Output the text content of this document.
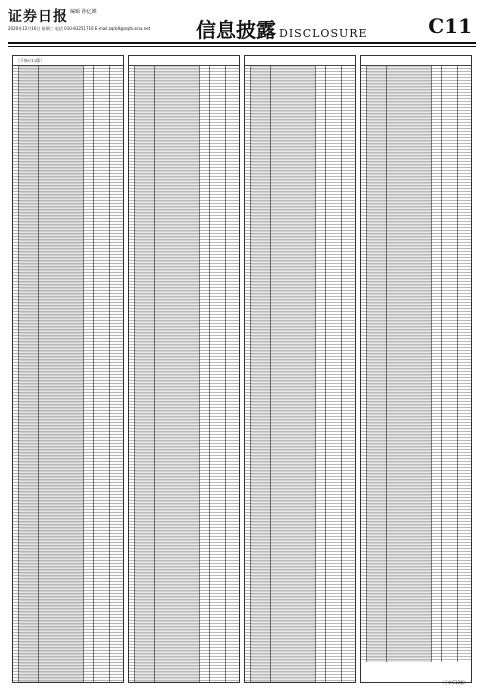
证券日报 编辑 孙亿婵
2020年12月16日 星期三 电话 010-83251716 E-mail:zqrb9@zqrb.sina.net 信息披露 DISCLOSURE	C11
（下转C12版）
（下转C12版）
